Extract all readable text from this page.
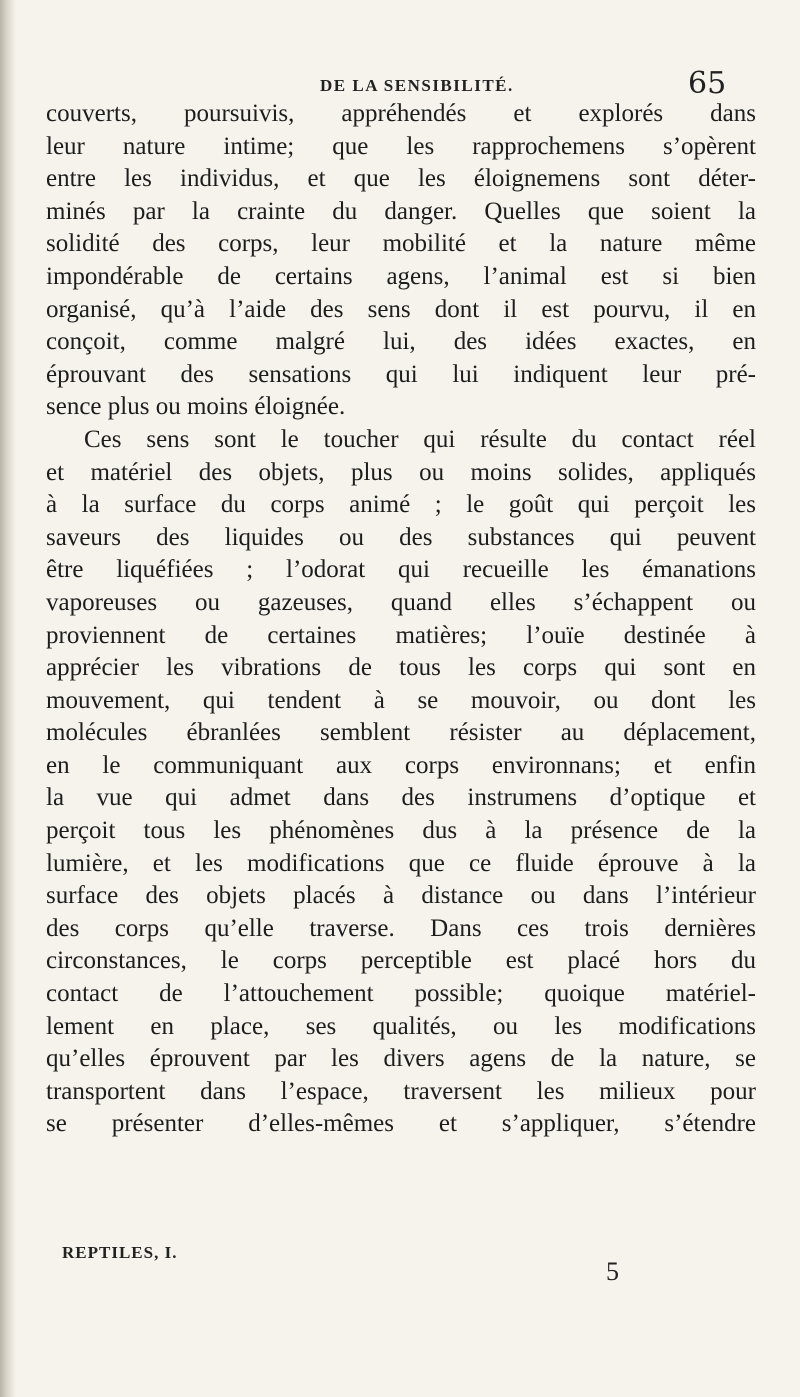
DE LA SENSIBILITÉ.	65
couverts, poursuivis, appréhendés et explorés dans
leur nature intime; que les rapprochemens s’opèrent
entre les individus, et que les éloignemens sont déter-
minés par la crainte du danger. Quelles que soient la
solidité des corps, leur mobilité et la nature même
impondérable de certains agens, l’animal est si bien
organisé, qu’à l’aide des sens dont il est pourvu, il en
conçoit, comme malgré lui, des idées exactes, en
éprouvant des sensations qui lui indiquent leur pré-
sence plus ou moins éloignée.
Ces sens sont le toucher qui résulte du contact réel
et matériel des objets, plus ou moins solides, appliqués
à la surface du corps animé ; le goût qui perçoit les
saveurs des liquides ou des substances qui peuvent
être liquéfiées ; l’odorat qui recueille les émanations
vaporeuses ou gazeuses, quand elles s’échappent ou
proviennent de certaines matières; l’ouïe destinée à
apprécier les vibrations de tous les corps qui sont en
mouvement, qui tendent à se mouvoir, ou dont les
molécules ébranlées semblent résister au déplacement,
en le communiquant aux corps environnans; et enfin
la vue qui admet dans des instrumens d’optique et
perçoit tous les phénomènes dus à la présence de la
lumière, et les modifications que ce fluide éprouve à la
surface des objets placés à distance ou dans l’intérieur
des corps qu’elle traverse. Dans ces trois dernières
circonstances, le corps perceptible est placé hors du
contact de l’attouchement possible; quoique matériel-
lement en place, ses qualités, ou les modifications
qu’elles éprouvent par les divers agens de la nature, se
transportent dans l’espace, traversent les milieux pour
se présenter d’elles-mêmes et s’appliquer, s’étendre
REPTILES, I.
5
